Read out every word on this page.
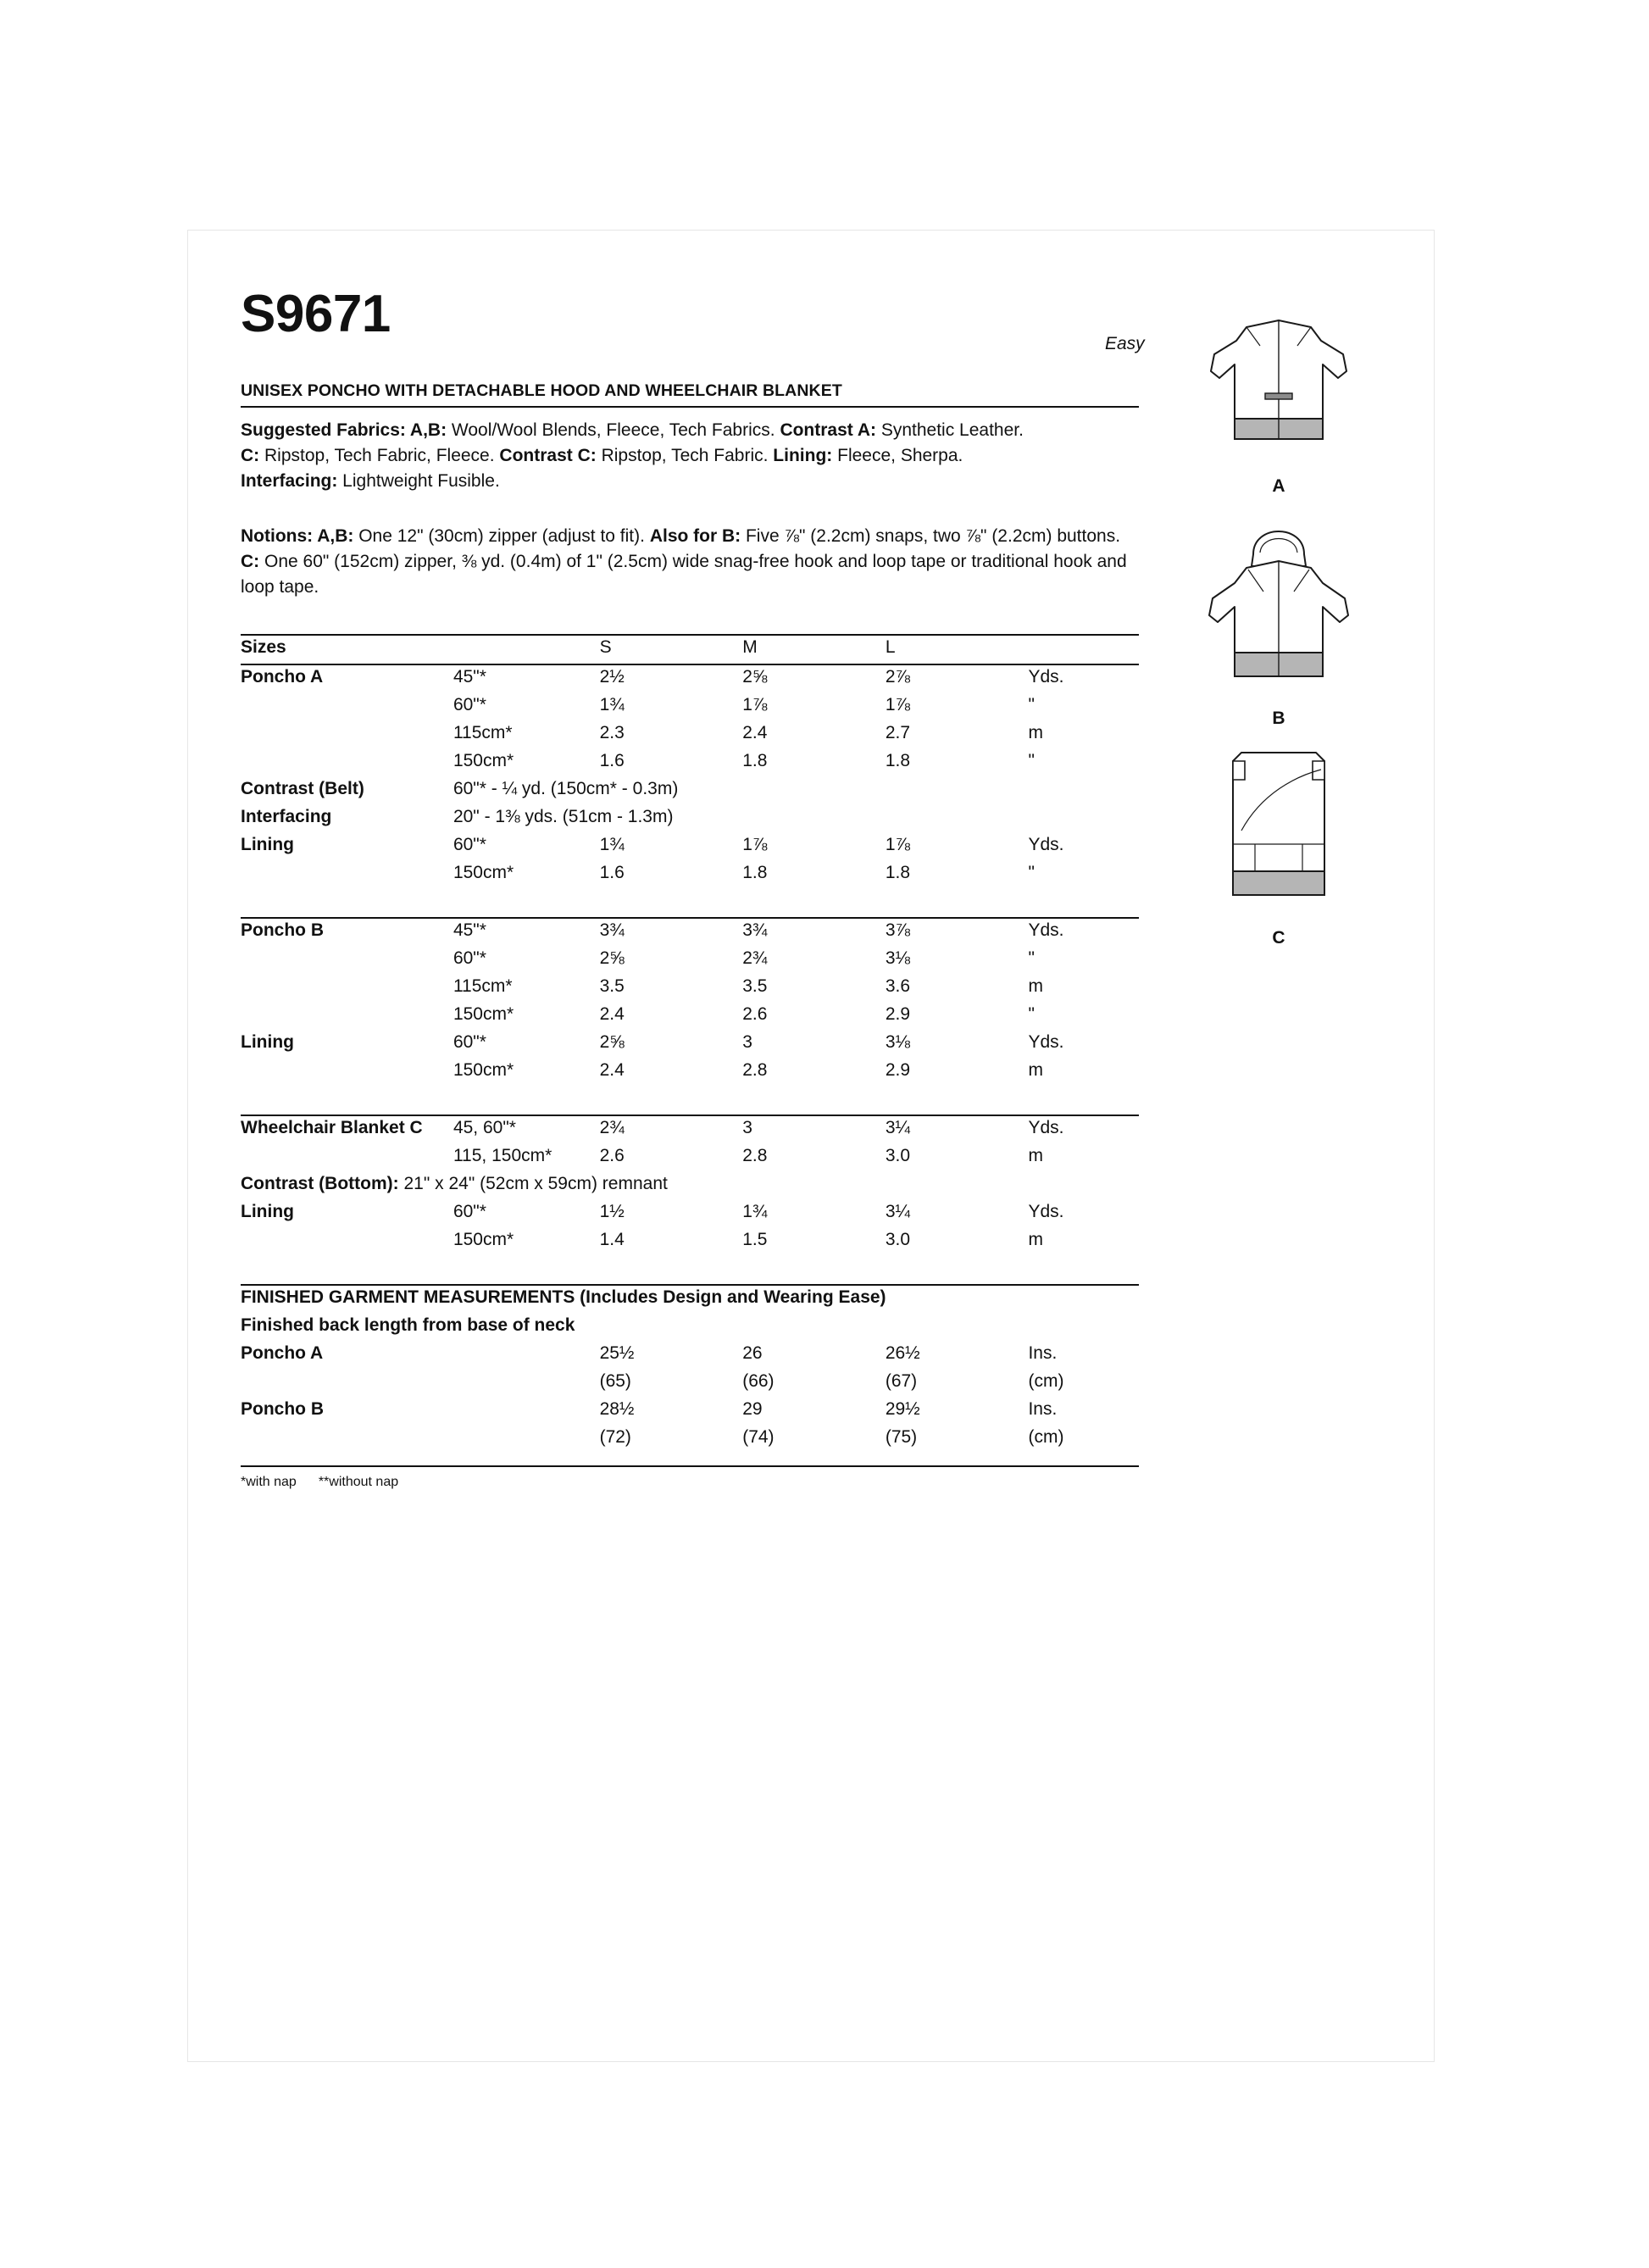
S9671
Easy
UNISEX PONCHO WITH DETACHABLE HOOD AND WHEELCHAIR BLANKET
Suggested Fabrics: A,B: Wool/Wool Blends, Fleece, Tech Fabrics. Contrast A: Synthetic Leather.
C: Ripstop, Tech Fabric, Fleece. Contrast C: Ripstop, Tech Fabric. Lining: Fleece, Sherpa.
Interfacing: Lightweight Fusible.
Notions: A,B: One 12" (30cm) zipper (adjust to fit). Also for B: Five ⅞" (2.2cm) snaps, two ⅞" (2.2cm) buttons. C: One 60" (152cm) zipper, ⅜ yd. (0.4m) of 1" (2.5cm) wide snag-free hook and loop tape or traditional hook and loop tape.
Sizes		S	M	L	
Poncho A	45"*	2½	2⅝	2⅞	Yds.
	60"*	1¾	1⅞	1⅞	"
	115cm*	2.3	2.4	2.7	m
	150cm*	1.6	1.8	1.8	"
Contrast (Belt)	60"* - ¼ yd. (150cm* - 0.3m)				
Interfacing	20" - 1⅜ yds. (51cm - 1.3m)				
Lining	60"*	1¾	1⅞	1⅞	Yds.
	150cm*	1.6	1.8	1.8	"

Poncho B	45"*	3¾	3¾	3⅞	Yds.
	60"*	2⅝	2¾	3⅛	"
	115cm*	3.5	3.5	3.6	m
	150cm*	2.4	2.6	2.9	"
Lining	60"*	2⅝	3	3⅛	Yds.
	150cm*	2.4	2.8	2.9	m

Wheelchair Blanket C	45, 60"*	2¾	3	3¼	Yds.
	115, 150cm*	2.6	2.8	3.0	m
Contrast (Bottom): 21" x 24" (52cm x 59cm) remnant					
Lining	60"*	1½	1¾	3¼	Yds.
	150cm*	1.4	1.5	3.0	m

FINISHED GARMENT MEASUREMENTS (Includes Design and Wearing Ease)					
Finished back length from base of neck					
Poncho A		25½	26	26½	Ins.
		(65)	(66)	(67)	(cm)
Poncho B		28½	29	29½	Ins.
		(72)	(74)	(75)	(cm)
*with nap **without nap
A
B
C
